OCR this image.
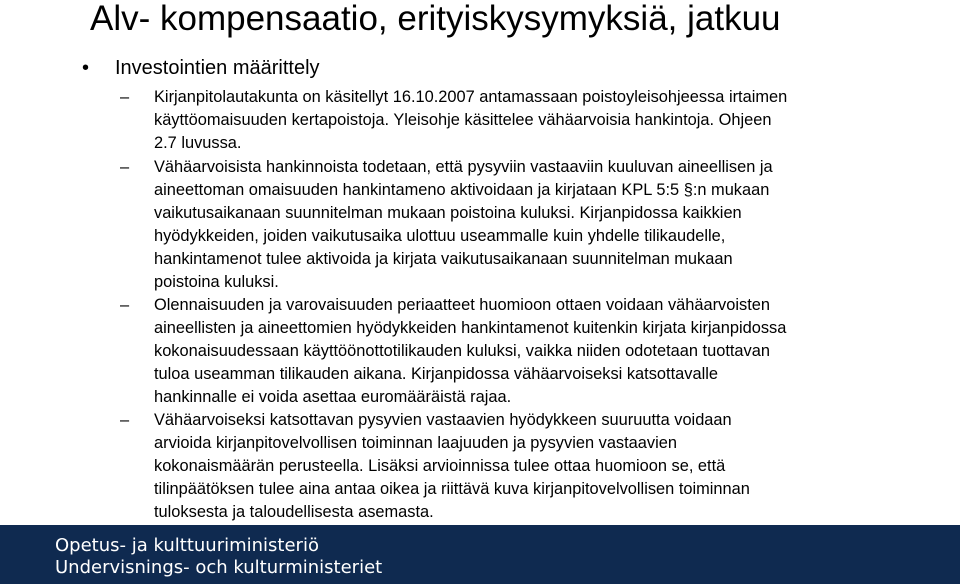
Alv- kompensaatio, erityiskysymyksiä, jatkuu
• Investointien määrittely
–	Kirjanpitolautakunta on käsitellyt 16.10.2007 antamassaan poistoyleisohjeessa irtaimen
käyttöomaisuuden kertapoistoja. Yleisohje käsittelee vähäarvoisia hankintoja. Ohjeen
2.7 luvussa.
–	Vähäarvoisista hankinnoista todetaan, että pysyviin vastaaviin kuuluvan aineellisen ja
aineettoman omaisuuden hankintameno aktivoidaan ja kirjataan KPL 5:5 §:n mukaan
vaikutusaikanaan suunnitelman mukaan poistoina kuluksi. Kirjanpidossa kaikkien
hyödykkeiden, joiden vaikutusaika ulottuu useammalle kuin yhdelle tilikaudelle,
hankintamenot tulee aktivoida ja kirjata vaikutusaikanaan suunnitelman mukaan
poistoina kuluksi.
–	Olennaisuuden ja varovaisuuden periaatteet huomioon ottaen voidaan vähäarvoisten
aineellisten ja aineettomien hyödykkeiden hankintamenot kuitenkin kirjata kirjanpidossa
kokonaisuudessaan käyttöönottotilikauden kuluksi, vaikka niiden odotetaan tuottavan
tuloa useamman tilikauden aikana. Kirjanpidossa vähäarvoiseksi katsottavalle
hankinnalle ei voida asettaa euromääräistä rajaa.
–	Vähäarvoiseksi katsottavan pysyvien vastaavien hyödykkeen suuruutta voidaan
arvioida kirjanpitovelvollisen toiminnan laajuuden ja pysyvien vastaavien
kokonaismäärän perusteella. Lisäksi arvioinnissa tulee ottaa huomioon se, että
tilinpäätöksen tulee aina antaa oikea ja riittävä kuva kirjanpitovelvollisen toiminnan
tuloksesta ja taloudellisesta asemasta.
Opetus- ja kulttuuriministeriö
Undervisnings- och kulturministeriet
